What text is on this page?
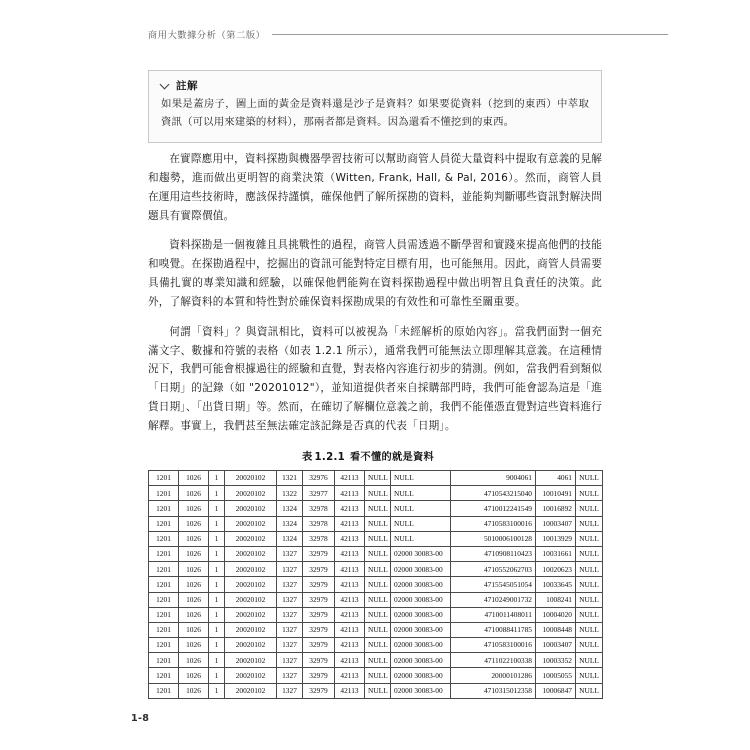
商用大數據分析（第二版）
註解
如果是蓋房子，圖上面的黃金是資料還是沙子是資料？如果要從資料（挖到的東西）中萃取資訊（可以用來建築的材料），那兩者都是資料。因為還看不懂挖到的東西。

在實際應用中，資料探勘與機器學習技術可以幫助商管人員從大量資料中提取有意義的見解和趨勢，進而做出更明智的商業決策（Witten, Frank, Hall, & Pal, 2016）。然而，商管人員在運用這些技術時，應該保持謹慎，確保他們了解所探勘的資料，並能夠判斷哪些資訊對解決問題具有實際價值。

資料探勘是一個複雜且具挑戰性的過程，商管人員需透過不斷學習和實踐來提高他們的技能和嗅覺。在探勘過程中，挖掘出的資訊可能對特定目標有用，也可能無用。因此，商管人員需要具備扎實的專業知識和經驗，以確保他們能夠在資料探勘過程中做出明智且負責任的決策。此外，了解資料的本質和特性對於確保資料探勘成果的有效性和可靠性至關重要。

何謂「資料」？與資訊相比，資料可以被視為「未經解析的原始內容」。當我們面對一個充滿文字、數據和符號的表格（如表 1.2.1 所示），通常我們可能無法立即理解其意義。在這種情況下，我們可能會根據過往的經驗和直覺，對表格內容進行初步的猜測。例如，當我們看到類似「日期」的記錄（如 "20201012"），並知道提供者來自採購部門時，我們可能會認為這是「進貨日期」、「出貨日期」等。然而，在確切了解欄位意義之前，我們不能僅憑直覺對這些資料進行解釋。事實上，我們甚至無法確定該記錄是否真的代表「日期」。

表 1.2.1 看不懂的就是資料
1201	1026	1	20020102	1321	32976	42113	NULL	NULL	9004061	4061	NULL
1201	1026	1	20020102	1322	32977	42113	NULL	NULL	4710543215040	10010491	NULL
1201	1026	1	20020102	1324	32978	42113	NULL	NULL	4710012241549	10016892	NULL
1201	1026	1	20020102	1324	32978	42113	NULL	NULL	4710583100016	10003407	NULL
1201	1026	1	20020102	1324	32978	42113	NULL	NULL	5010006100128	10013929	NULL
1201	1026	1	20020102	1327	32979	42113	NULL	02000 30083-00	4710908110423	10031661	NULL
1201	1026	1	20020102	1327	32979	42113	NULL	02000 30083-00	4710552062703	10020623	NULL
1201	1026	1	20020102	1327	32979	42113	NULL	02000 30083-00	4715545051054	10033645	NULL
1201	1026	1	20020102	1327	32979	42113	NULL	02000 30083-00	4710249001732	1008241	NULL
1201	1026	1	20020102	1327	32979	42113	NULL	02000 30083-00	4710011408011	10004020	NULL
1201	1026	1	20020102	1327	32979	42113	NULL	02000 30083-00	4710088411785	10008448	NULL
1201	1026	1	20020102	1327	32979	42113	NULL	02000 30083-00	4710583100016	10003407	NULL
1201	1026	1	20020102	1327	32979	42113	NULL	02000 30083-00	4711022100338	10003352	NULL
1201	1026	1	20020102	1327	32979	42113	NULL	02000 30083-00	20000101286	10005055	NULL
1201	1026	1	20020102	1327	32979	42113	NULL	02000 30083-00	4710315012358	10006847	NULL
1-8
